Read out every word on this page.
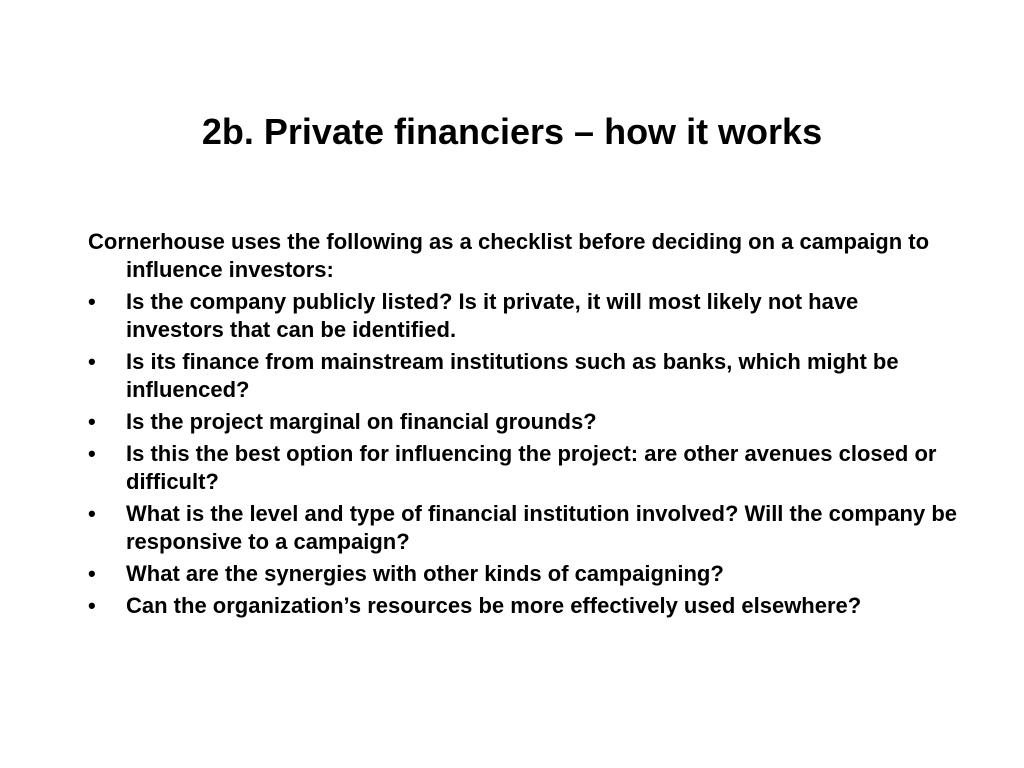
2b. Private financiers – how it works

Cornerhouse uses the following as a checklist before deciding on a campaign to influence investors:

•	Is the company publicly listed? Is it private, it will most likely not have investors that can be identified.
•	Is its finance from mainstream institutions such as banks, which might be influenced?
•	Is the project marginal on financial grounds?
•	Is this the best option for influencing the project: are other avenues closed or difficult?
•	What is the level and type of financial institution involved? Will the company be responsive to a campaign?
•	What are the synergies with other kinds of campaigning?
•	Can the organization’s resources be more effectively used elsewhere?
